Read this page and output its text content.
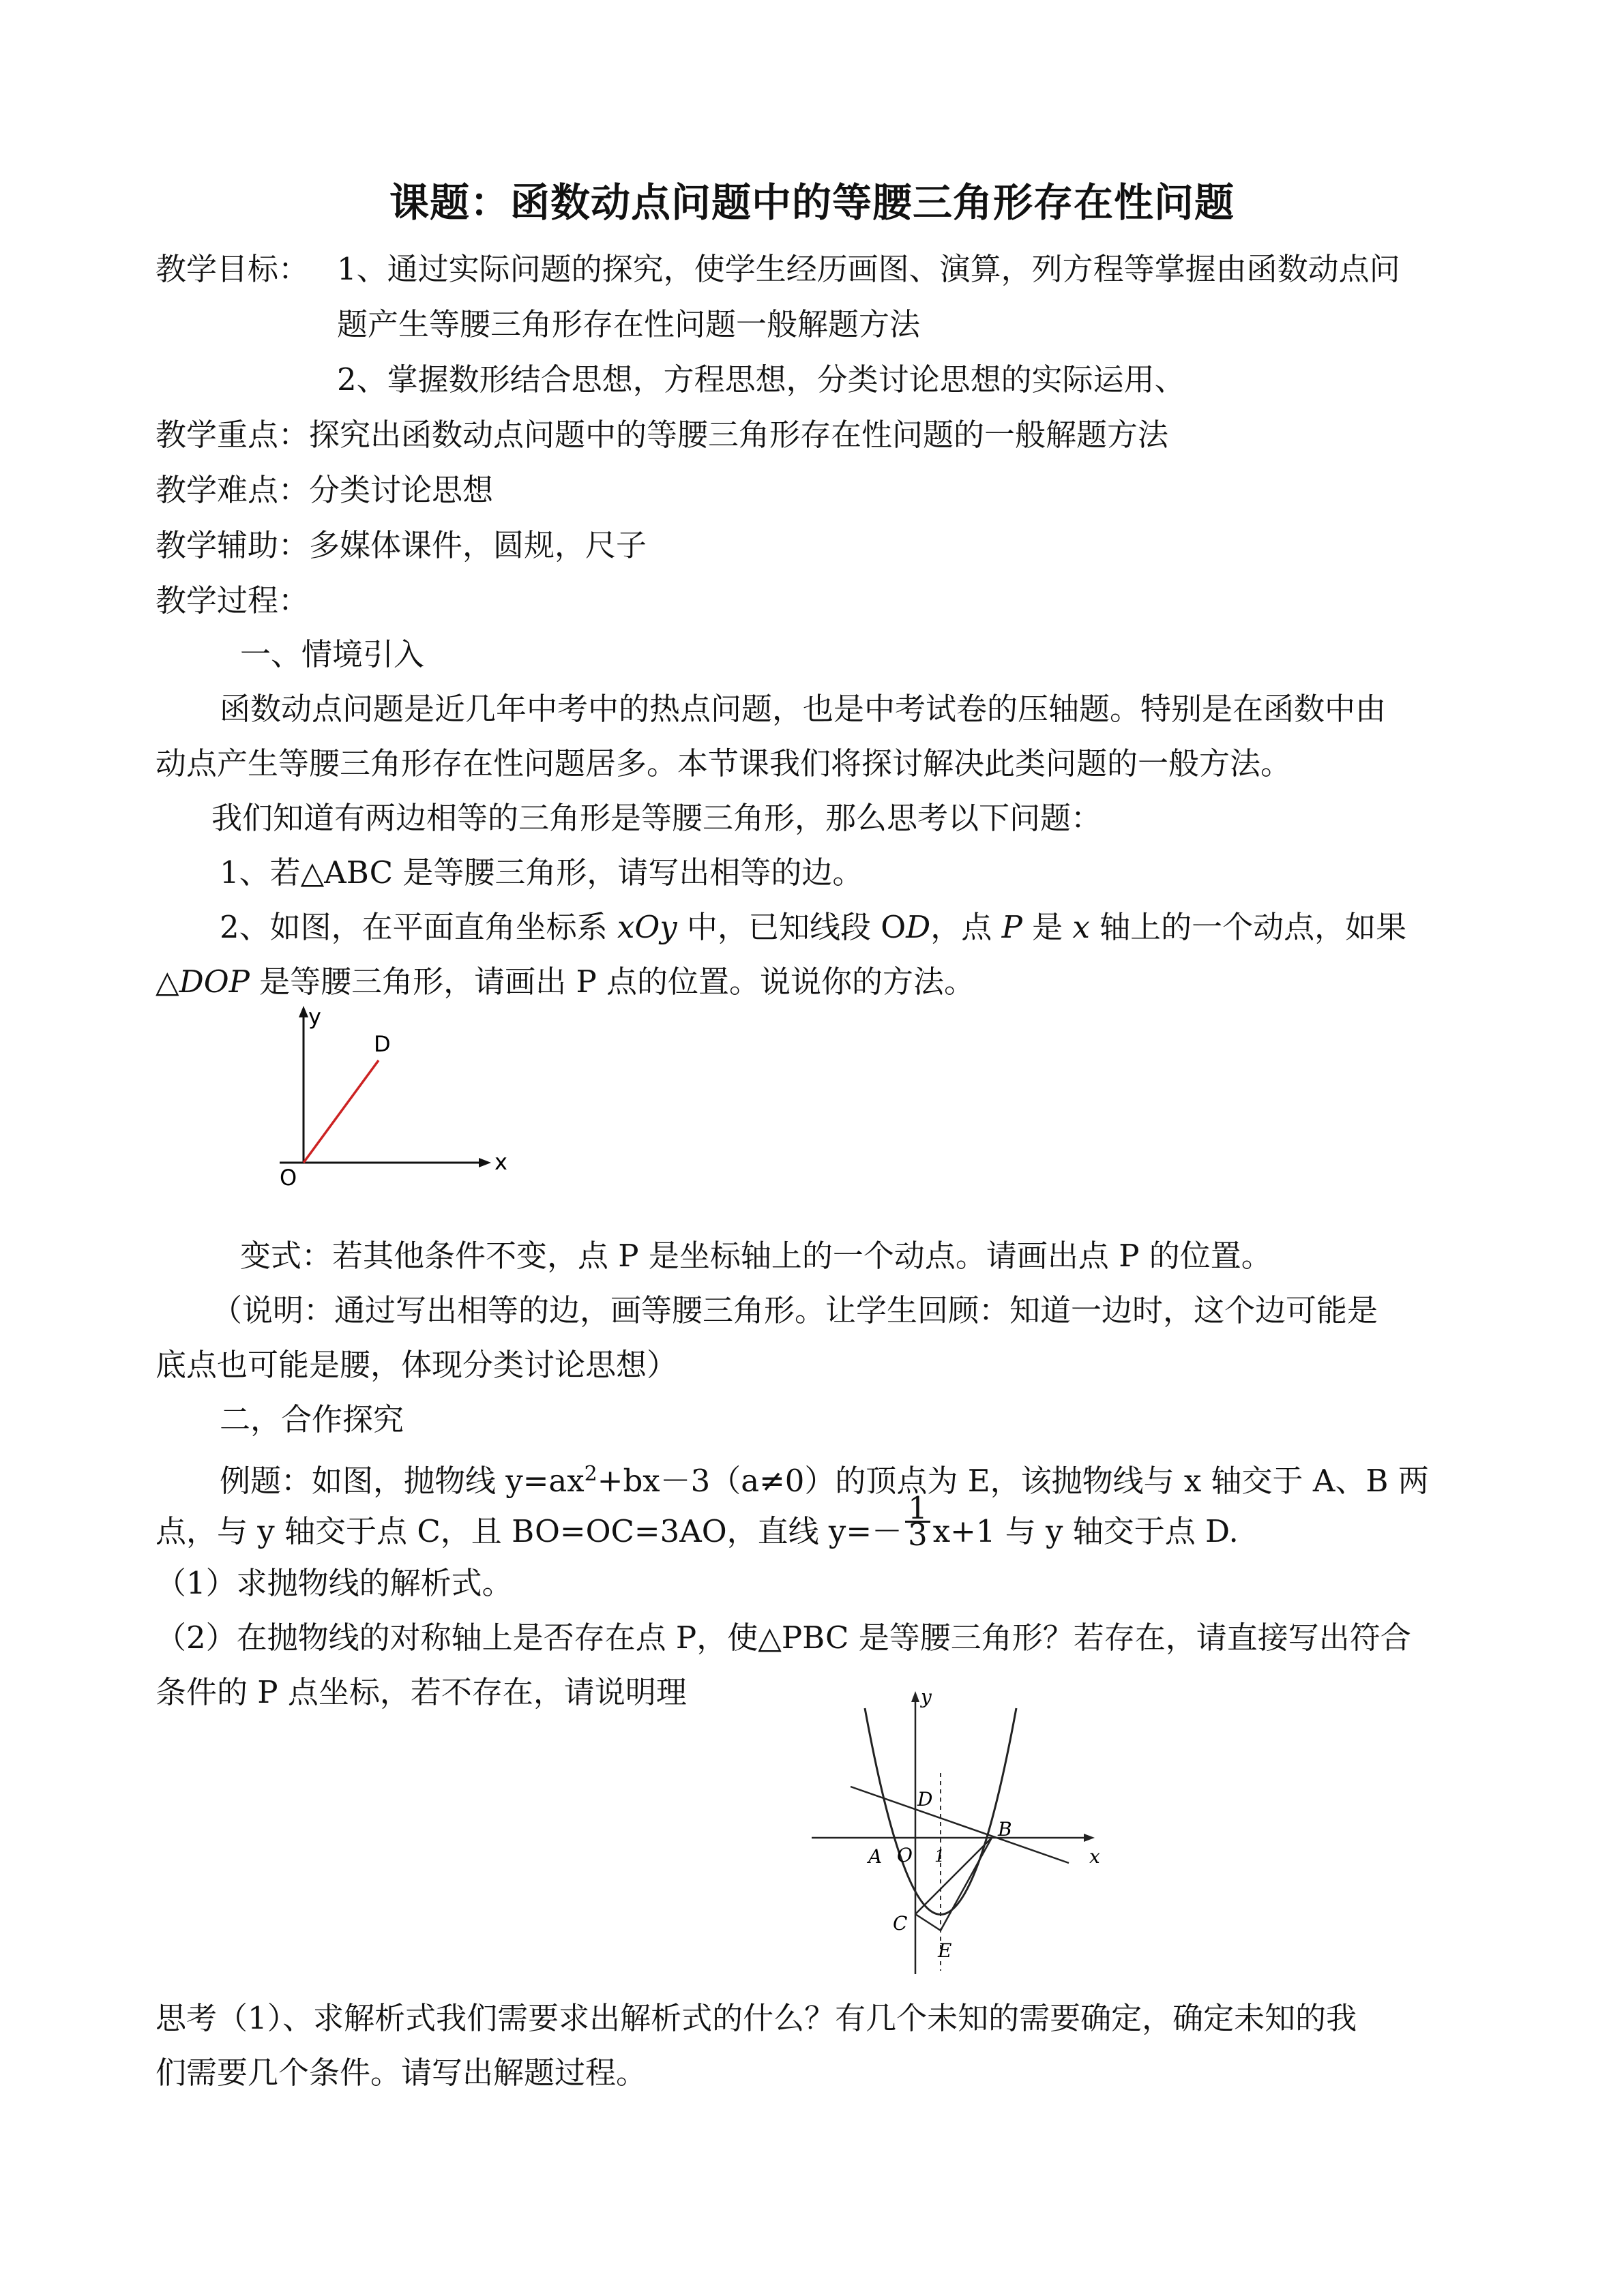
课题：函数动点问题中的等腰三角形存在性问题
教学目标： 1、通过实际问题的探究，使学生经历画图、演算，列方程等掌握由函数动点问
题产生等腰三角形存在性问题一般解题方法
2、掌握数形结合思想，方程思想，分类讨论思想的实际运用、
教学重点：探究出函数动点问题中的等腰三角形存在性问题的一般解题方法
教学难点：分类讨论思想
教学辅助：多媒体课件，圆规，尺子
教学过程：
一、情境引入
函数动点问题是近几年中考中的热点问题，也是中考试卷的压轴题。特别是在函数中由
动点产生等腰三角形存在性问题居多。本节课我们将探讨解决此类问题的一般方法。
我们知道有两边相等的三角形是等腰三角形，那么思考以下问题：
1、若△ABC 是等腰三角形，请写出相等的边。
2、如图，在平面直角坐标系 xOy 中，已知线段 OD，点 P 是 x 轴上的一个动点，如果
△DOP 是等腰三角形，请画出 P 点的位置。说说你的方法。
y
D
O
x
变式：若其他条件不变，点 P 是坐标轴上的一个动点。请画出点 P 的位置。
（说明：通过写出相等的边，画等腰三角形。让学生回顾：知道一边时，这个边可能是
底点也可能是腰，体现分类讨论思想）
二，合作探究
例题：如图，抛物线 $y=ax^2+bx-3(a\ne 0)$的顶点为 E，该抛物线与 x 轴交于 A、B 两
点，与 y 轴交于点 C，且 BO=OC=3AO，直线 $y=- \frac{1}{3} x+1$ 与 y 轴交于点 D.
（1）求抛物线的解析式。
（2）在抛物线的对称轴上是否存在点 P，使△PBC 是等腰三角形？若存在，请直接写出符合
条件的 P 点坐标，若不存在，请说明理	y
x
D
O 1
A
B
C
E
思考（1）、求解析式我们需要求出解析式的什么？有几个未知的需要确定，确定未知的我
们需要几个条件。请写出解题过程。
